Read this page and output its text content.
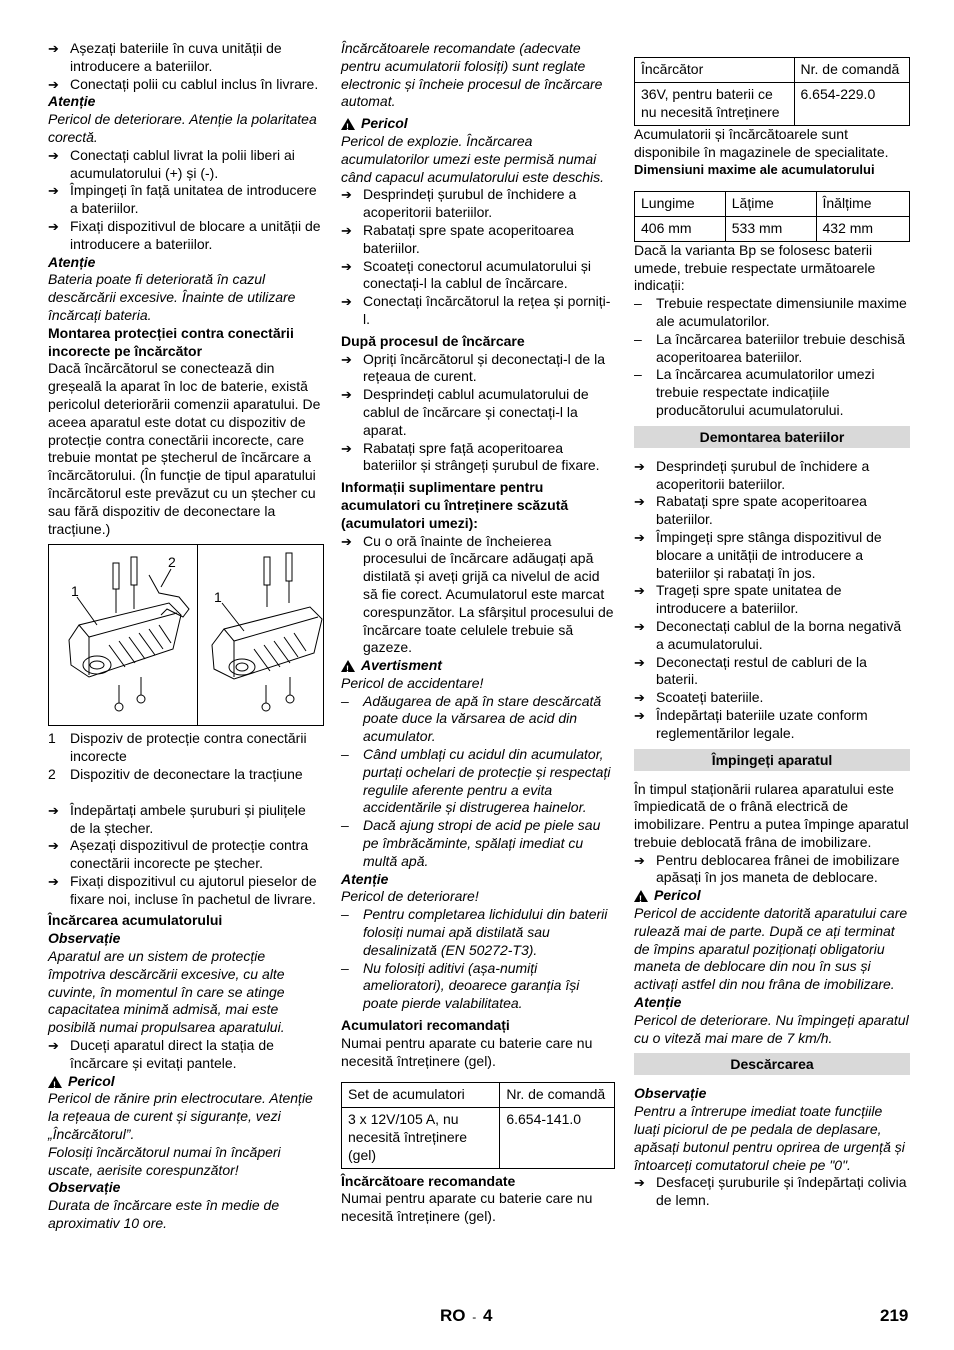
➔ Așezați bateriile în cuva unității de introducere a bateriilor.

➔ Conectați polii cu cablul inclus în livrare.

Atenție

Pericol de deteriorare. Atenție la polaritatea corectă.

➔ Conectați cablul livrat la polii liberi ai acumulatorului (+) și (-).

➔ Împingeți în față unitatea de introducere a bateriilor.

➔ Fixați dispozitivul de blocare a unității de introducere a bateriilor.

Atenție

Bateria poate fi deteriorată în cazul descărcării excesive. Înainte de utilizare încărcați bateria.

Montarea protecției contra conectării incorecte pe încărcător

Dacă încărcătorul se conectează din greșeală la aparat în loc de baterie, există pericolul deteriorării comenzii aparatului. De aceea aparatul este dotat cu dispozitiv de protecție contra conectării incorecte, care trebuie montat pe ștecherul de încărcare a încărcătorului. (În funcție de tipul aparatului încărcătorul este prevăzut cu un ștecher cu sau fără dispozitiv de deconectare la tracțiune.)

1
2
1

1 Dispoziv de protecție contra conectării incorecte

2 Dispozitiv de deconectare la tracțiune

➔ Îndepărtați ambele șuruburi și piulițele de la ștecher.

➔ Așezați dispozitivul de protecție contra conectării incorecte pe ștecher.

➔ Fixați dispozitivul cu ajutorul pieselor de fixare noi, incluse în pachetul de livrare.

Încărcarea acumulatorului

Observație

Aparatul are un sistem de protecție împotriva descărcării excesive, cu alte cuvinte, în momentul în care se atinge capacitatea minimă admisă, mai este posibilă numai propulsarea aparatului.

➔ Duceți aparatul direct la stația de încărcare și evitați pantele.

!
Pericol

Pericol de rănire prin electrocutare. Atenție la rețeaua de curent și siguranțe, vezi „Încărcătorul”.

Folosiți încărcătorul numai în încăperi uscate, aerisite corespunzător!

Observație

Durata de încărcare este în medie de aproximativ 10 ore.

Încărcătoarele recomandate (adecvate pentru acumulatorii folosiți) sunt reglate electronic și încheie procesul de încărcare automat.

!
Pericol

Pericol de explozie. Încărcarea acumulatorilor umezi este permisă numai când capacul acumulatorului este deschis.

➔ Desprindeți șurubul de închidere a acoperitorii bateriilor.

➔ Rabatați spre spate acoperitoarea bateriilor.

➔ Scoateți conectorul acumulatorului și conectați-l la cablul de încărcare.

➔ Conectați încărcătorul la rețea și porniți-l.

După procesul de încărcare

➔ Opriți încărcătorul și deconectați-l de la rețeaua de curent.

➔ Desprindeți cablul acumulatorului de cablul de încărcare și conectați-l la aparat.

➔ Rabatați spre față acoperitoarea bateriilor și strângeți șurubul de fixare.

Informații suplimentare pentru acumulatori cu întreținere scăzută (acumulatori umezi):

➔ Cu o oră înainte de încheierea procesului de încărcare adăugați apă distilată și aveți grijă ca nivelul de acid să fie corect. Acumulatorul este marcat corespunzător. La sfârșitul procesului de încărcare toate celulele trebuie să gazeze.

!
Avertisment

Pericol de accidentare!

– Adăugarea de apă în stare descărcată poate duce la vărsarea de acid din acumulator.

– Când umblați cu acidul din acumulator, purtați ochelari de protecție și respectați regulile aferente pentru a evita accidentările și distrugerea hainelor.

– Dacă ajung stropi de acid pe piele sau pe îmbrăcăminte, spălați imediat cu multă apă.

Atenție

Pericol de deteriorare!

– Pentru completarea lichidului din baterii folosiți numai apă distilată sau desalinizată (EN 50272-T3).

– Nu folosiți aditivi (așa-numiți amelioratori), deoarece garanția își poate pierde valabilitatea.

Acumulatori recomandați

Numai pentru aparate cu baterie care nu necesită întreținere (gel).

Set de acumulatori	Nr. de comandă
3 x 12V/105 A, nu necesită întreținere (gel)	6.654-141.0

Încărcătoare recomandate

Numai pentru aparate cu baterie care nu necesită întreținere (gel).

Încărcător	Nr. de comandă
36V, pentru baterii ce nu necesită întreținere	6.654-229.0

Acumulatorii și încărcătoarele sunt disponibile în magazinele de specialitate.

Dimensiuni maxime ale acumulatorului

Lungime	Lățime	Înălțime
406 mm	533 mm	432 mm

Dacă la varianta Bp se folosesc baterii umede, trebuie respectate următoarele indicații:

– Trebuie respectate dimensiunile maxime ale acumulatorilor.

– La încărcarea bateriilor trebuie deschisă acoperitoarea bateriilor.

– La încărcarea acumulatorilor umezi trebuie respectate indicațiile producătorului acumulatorului.

Demontarea bateriilor

➔ Desprindeți șurubul de închidere a acoperitorii bateriilor.

➔ Rabatați spre spate acoperitoarea bateriilor.

➔ Împingeți spre stânga dispozitivul de blocare a unității de introducere a bateriilor și rabatați în jos.

➔ Trageți spre spate unitatea de introducere a bateriilor.

➔ Deconectați cablul de la borna negativă a acumulatorului.

➔ Deconectați restul de cabluri de la baterii.

➔ Scoateți bateriile.

➔ Îndepărtați bateriile uzate conform reglementărilor legale.

Împingeți aparatul

În timpul staționării rularea aparatului este împiedicată de o frână electrică de imobilizare. Pentru a putea împinge aparatul trebuie deblocată frâna de imobilizare.

➔ Pentru deblocarea frânei de imobilizare apăsați în jos maneta de deblocare.

!
Pericol

Pericol de accidente datorită aparatului care rulează mai de parte. După ce ați terminat de împins aparatul poziționați obligatoriu maneta de deblocare din nou în sus și activați astfel din nou frâna de imobilizare.

Atenție

Pericol de deteriorare. Nu împingeți aparatul cu o viteză mai mare de 7 km/h.

Descărcarea

Observație

Pentru a întrerupe imediat toate funcțiile luați piciorul de pe pedala de deplasare, apăsați butonul pentru oprirea de urgență și întoarceți comutatorul cheie pe "0".

➔ Desfaceți șuruburile și îndepărtați colivia de lemn.

RO - 4	219
